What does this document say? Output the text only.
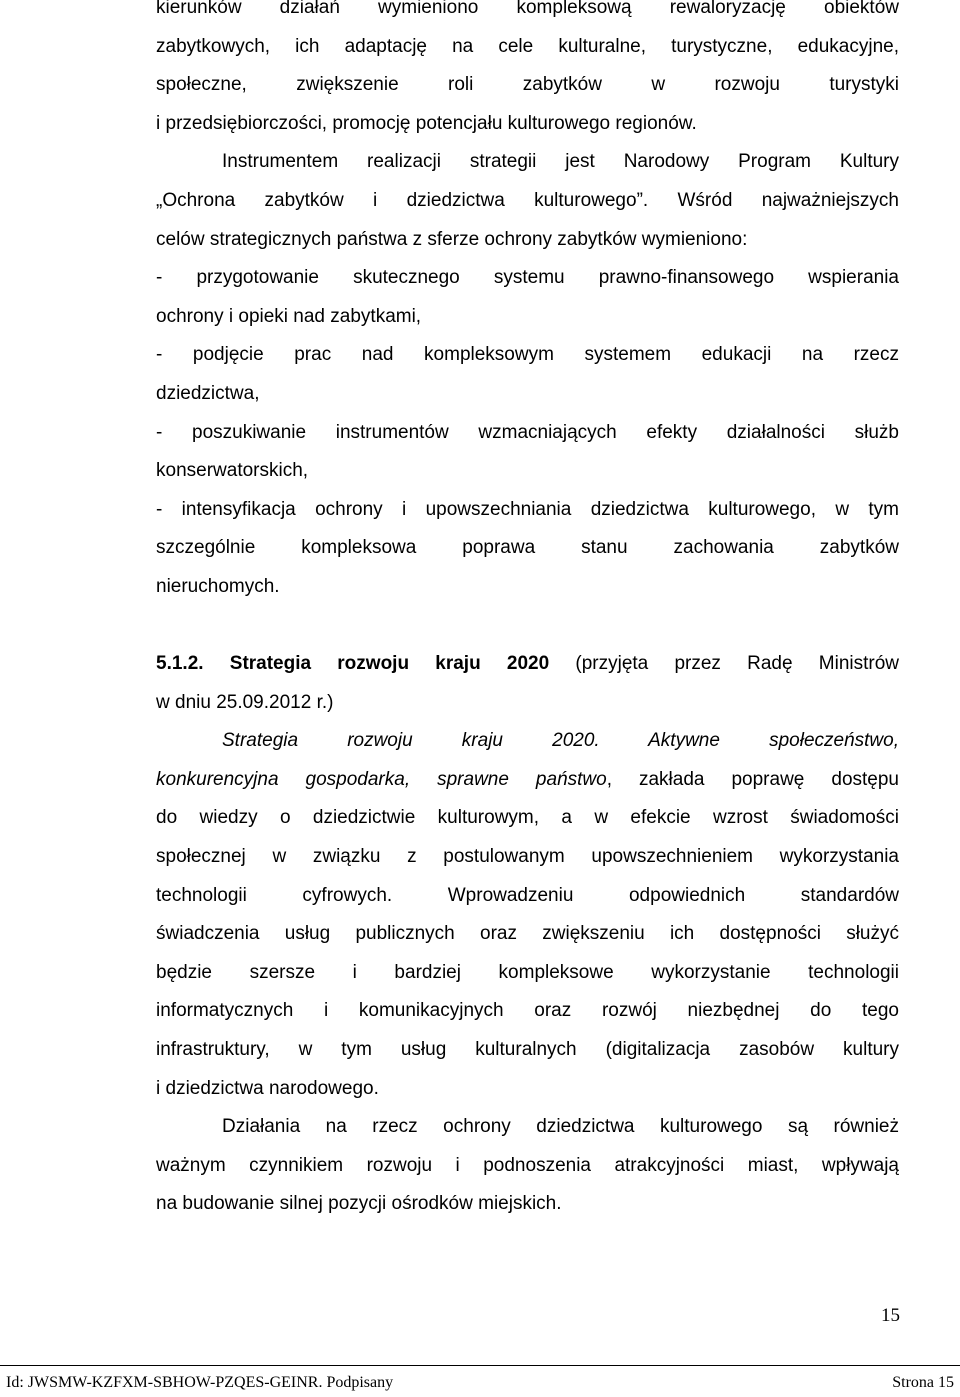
kierunków działań wymieniono kompleksową rewaloryzację obiektów
zabytkowych, ich adaptację na cele kulturalne, turystyczne, edukacyjne,
społeczne, zwiększenie roli zabytków w rozwoju turystyki
i przedsiębiorczości, promocję potencjału kulturowego regionów.
Instrumentem realizacji strategii jest Narodowy Program Kultury
„Ochrona zabytków i dziedzictwa kulturowego”. Wśród najważniejszych
celów strategicznych państwa z sferze ochrony zabytków wymieniono:
- przygotowanie skutecznego systemu prawno-finansowego wspierania
ochrony i opieki nad zabytkami,
- podjęcie prac nad kompleksowym systemem edukacji na rzecz
dziedzictwa,
- poszukiwanie instrumentów wzmacniających efekty działalności służb
konserwatorskich,
- intensyfikacja ochrony i upowszechniania dziedzictwa kulturowego, w tym
szczególnie kompleksowa poprawa stanu zachowania zabytków
nieruchomych.
5.1.2. Strategia rozwoju kraju 2020 (przyjęta przez Radę Ministrów
w dniu 25.09.2012 r.)
Strategia rozwoju kraju 2020. Aktywne społeczeństwo,
konkurencyjna gospodarka, sprawne państwo, zakłada poprawę dostępu
do wiedzy o dziedzictwie kulturowym, a w efekcie wzrost świadomości
społecznej w związku z postulowanym upowszechnieniem wykorzystania
technologii cyfrowych. Wprowadzeniu odpowiednich standardów
świadczenia usług publicznych oraz zwiększeniu ich dostępności służyć
będzie szersze i bardziej kompleksowe wykorzystanie technologii
informatycznych i komunikacyjnych oraz rozwój niezbędnej do tego
infrastruktury, w tym usług kulturalnych (digitalizacja zasobów kultury
i dziedzictwa narodowego.
Działania na rzecz ochrony dziedzictwa kulturowego są również
ważnym czynnikiem rozwoju i podnoszenia atrakcyjności miast, wpływają
na budowanie silnej pozycji ośrodków miejskich.
15
Id: JWSMW-KZFXM-SBHOW-PZQES-GEINR. Podpisany	Strona 15
